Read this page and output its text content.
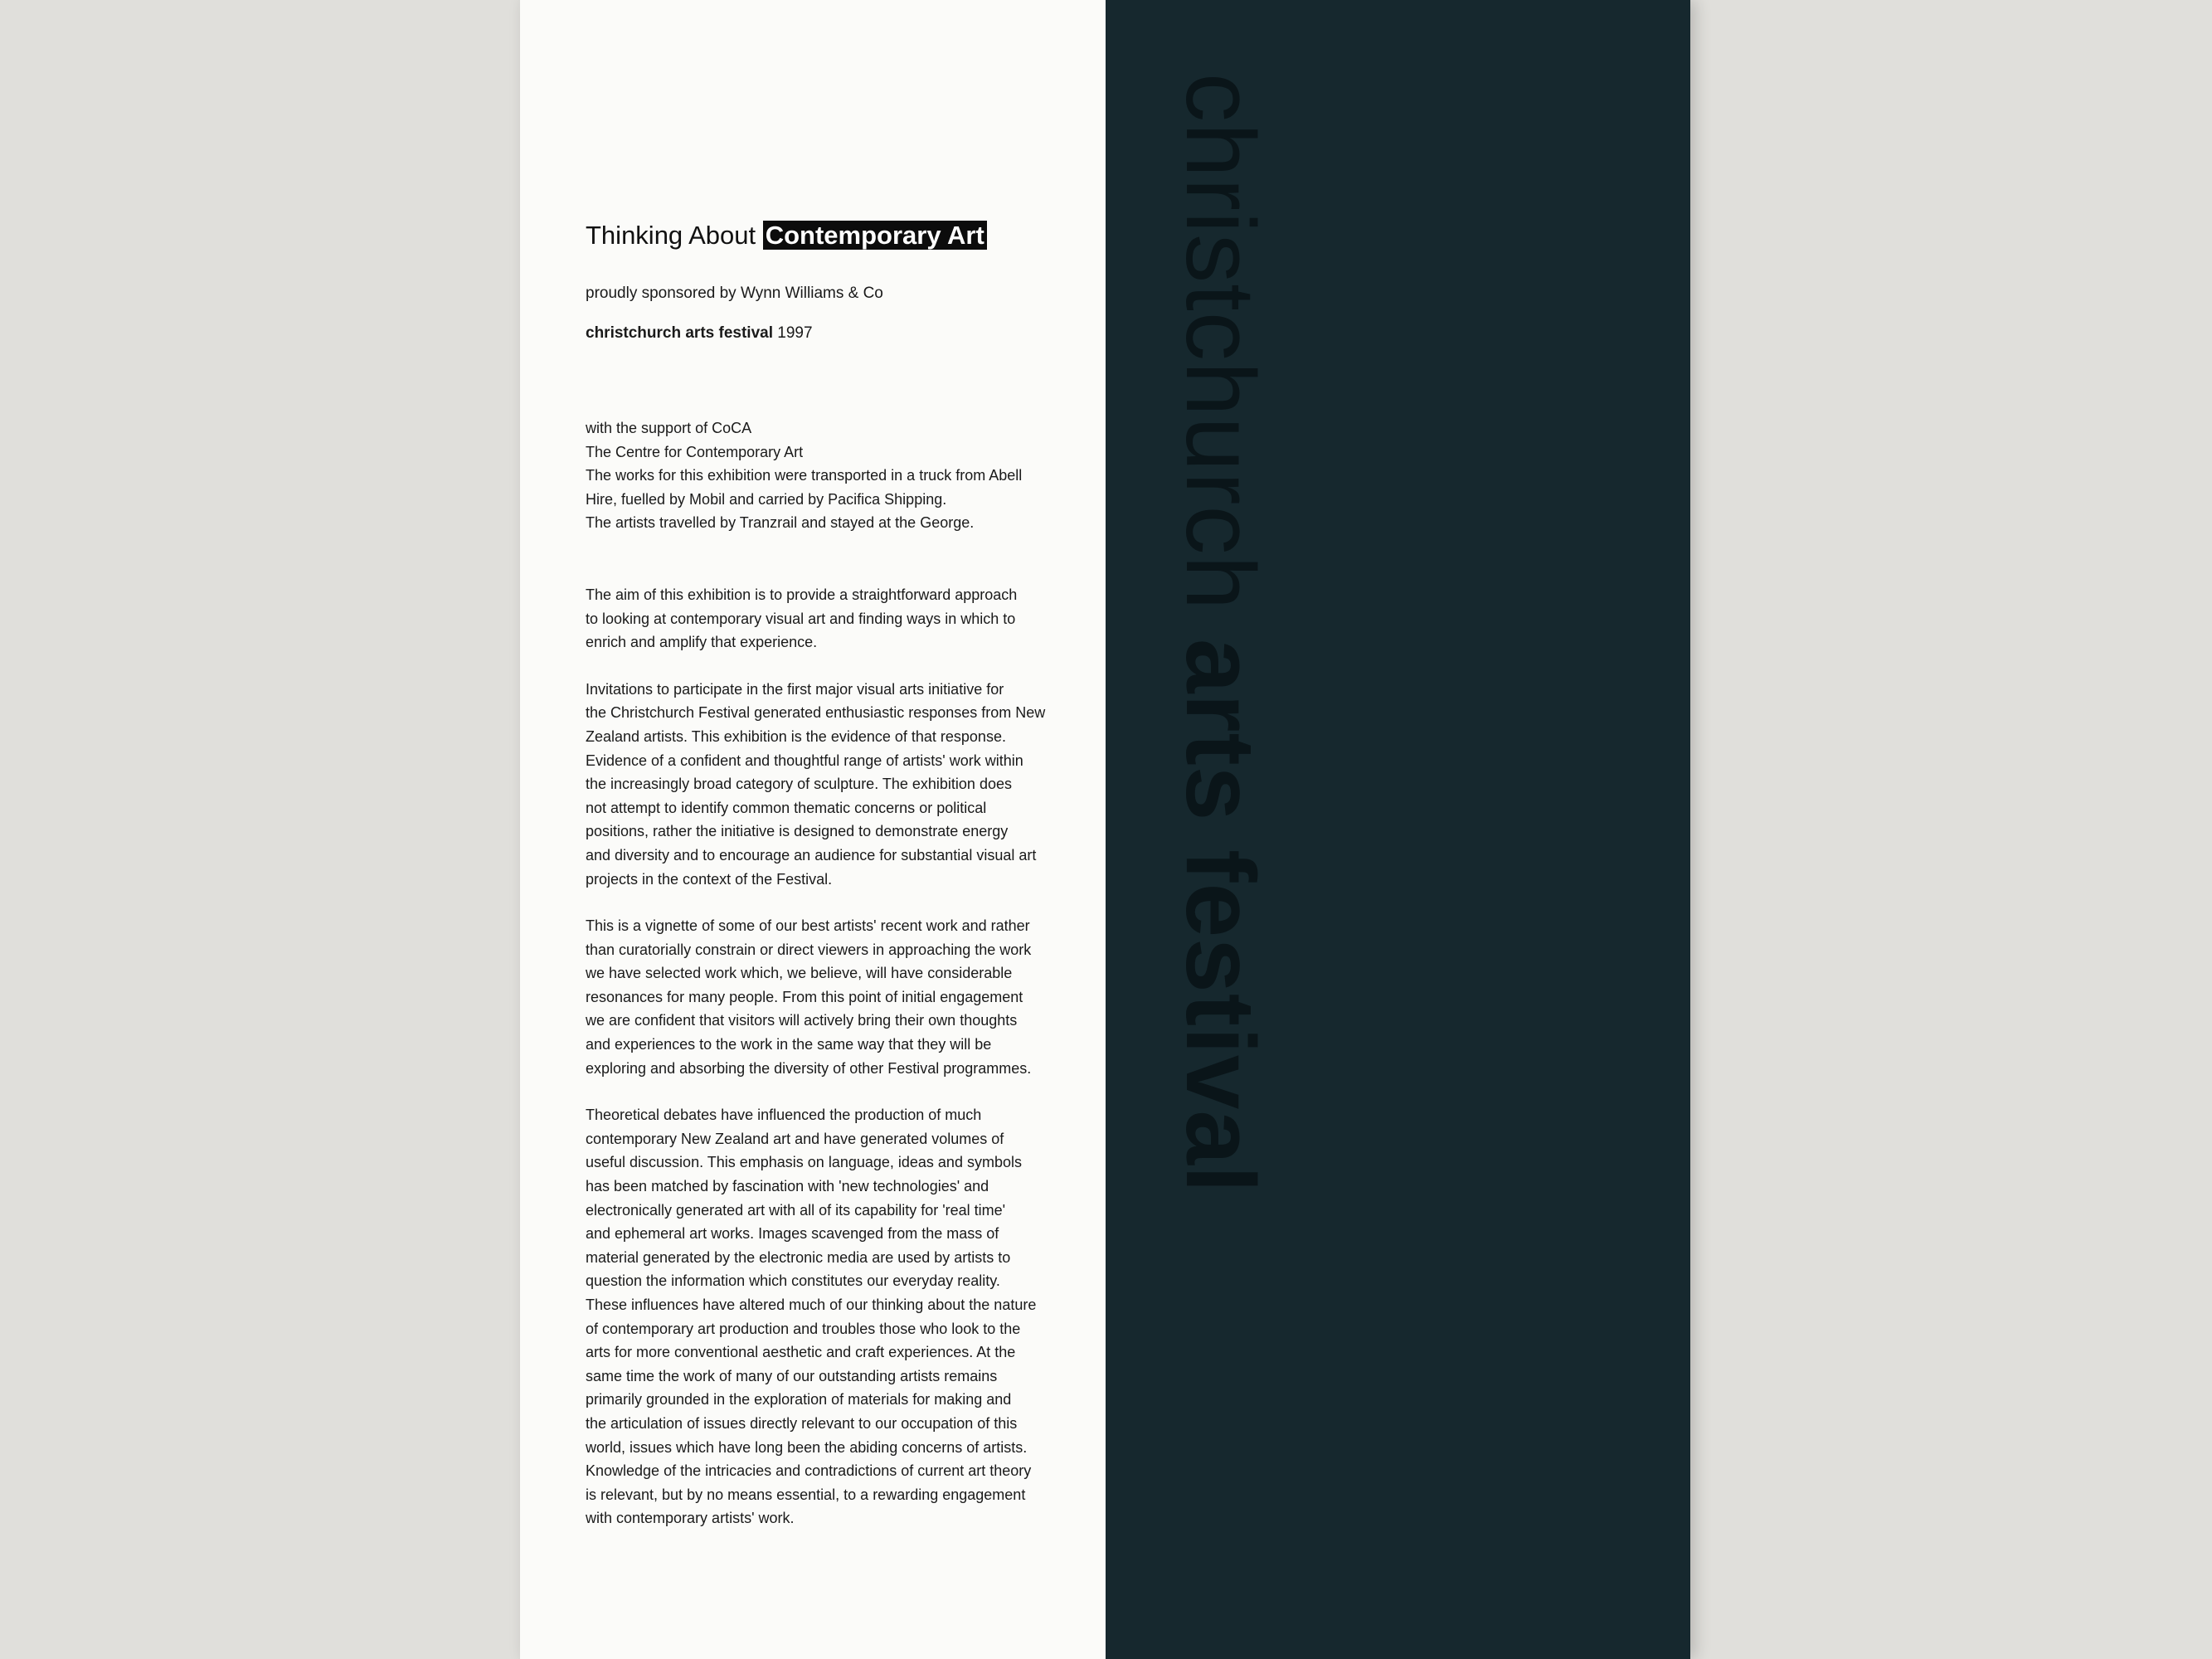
Thinking About Contemporary Art
proudly sponsored by Wynn Williams & Co
christchurch arts festival 1997
with the support of CoCA
The Centre for Contemporary Art
The works for this exhibition were transported in a truck from Abell
Hire, fuelled by Mobil and carried by Pacifica Shipping.
The artists travelled by Tranzrail and stayed at the George.
The aim of this exhibition is to provide a straightforward approach
to looking at contemporary visual art and finding ways in which to
enrich and amplify that experience.
Invitations to participate in the first major visual arts initiative for
the Christchurch Festival generated enthusiastic responses from New
Zealand artists. This exhibition is the evidence of that response.
Evidence of a confident and thoughtful range of artists' work within
the increasingly broad category of sculpture. The exhibition does
not attempt to identify common thematic concerns or political
positions, rather the initiative is designed to demonstrate energy
and diversity and to encourage an audience for substantial visual art
projects in the context of the Festival.
This is a vignette of some of our best artists' recent work and rather
than curatorially constrain or direct viewers in approaching the work
we have selected work which, we believe, will have considerable
resonances for many people. From this point of initial engagement
we are confident that visitors will actively bring their own thoughts
and experiences to the work in the same way that they will be
exploring and absorbing the diversity of other Festival programmes.
Theoretical debates have influenced the production of much
contemporary New Zealand art and have generated volumes of
useful discussion. This emphasis on language, ideas and symbols
has been matched by fascination with 'new technologies' and
electronically generated art with all of its capability for 'real time'
and ephemeral art works. Images scavenged from the mass of
material generated by the electronic media are used by artists to
question the information which constitutes our everyday reality.
These influences have altered much of our thinking about the nature
of contemporary art production and troubles those who look to the
arts for more conventional aesthetic and craft experiences. At the
same time the work of many of our outstanding artists remains
primarily grounded in the exploration of materials for making and
the articulation of issues directly relevant to our occupation of this
world, issues which have long been the abiding concerns of artists.
Knowledge of the intricacies and contradictions of current art theory
is relevant, but by no means essential, to a rewarding engagement
with contemporary artists' work.
christchurch arts festival
